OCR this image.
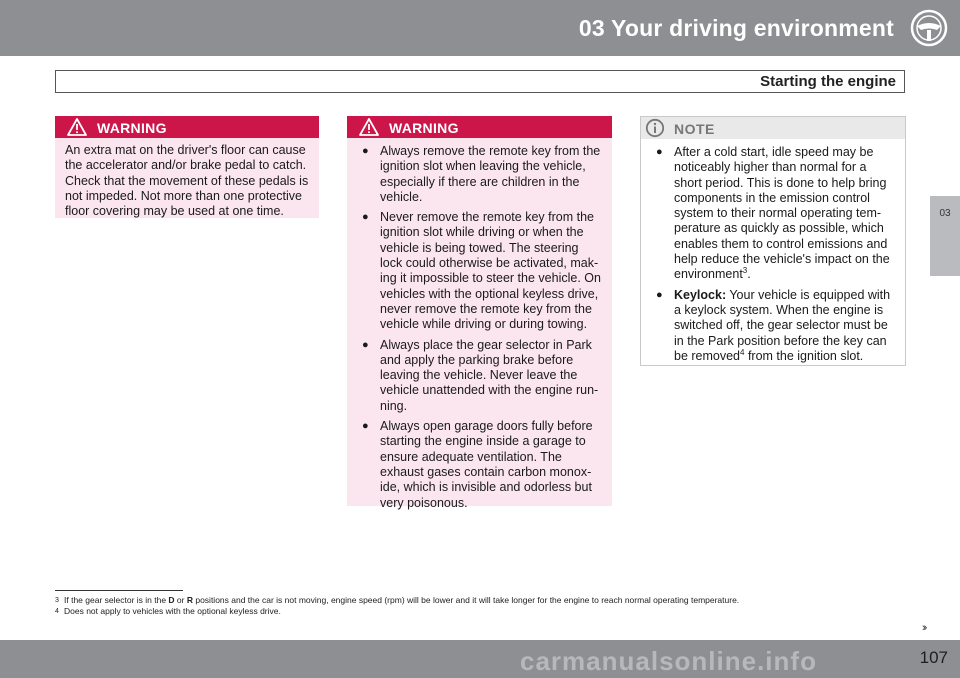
03 Your driving environment
Starting the engine
03
WARNING
An extra mat on the driver's floor can cause the accelerator and/or brake pedal to catch. Check that the movement of these pedals is not impeded. Not more than one protective floor covering may be used at one time.
WARNING
● Always remove the remote key from the ignition slot when leaving the vehicle, especially if there are children in the vehicle.
● Never remove the remote key from the ignition slot while driving or when the vehicle is being towed. The steering lock could otherwise be activated, mak-ing it impossible to steer the vehicle. On vehicles with the optional keyless drive, never remove the remote key from the vehicle while driving or during towing.
● Always place the gear selector in Park and apply the parking brake before leaving the vehicle. Never leave the vehicle unattended with the engine run-ning.
● Always open garage doors fully before starting the engine inside a garage to ensure adequate ventilation. The exhaust gases contain carbon monox-ide, which is invisible and odorless but very poisonous.
NOTE
● After a cold start, idle speed may be noticeably higher than normal for a short period. This is done to help bring components in the emission control system to their normal operating tem-perature as quickly as possible, which enables them to control emissions and help reduce the vehicle's impact on the environment$^3$.
● Keylock: Your vehicle is equipped with a keylock system. When the engine is switched off, the gear selector must be in the Park position before the key can be removed$^4$ from the ignition slot.
3 If the gear selector is in the D or R positions and the car is not moving, engine speed (rpm) will be lower and it will take longer for the engine to reach normal operating temperature.
4 Does not apply to vehicles with the optional keyless drive.
››
carmanualsonline.info	107
